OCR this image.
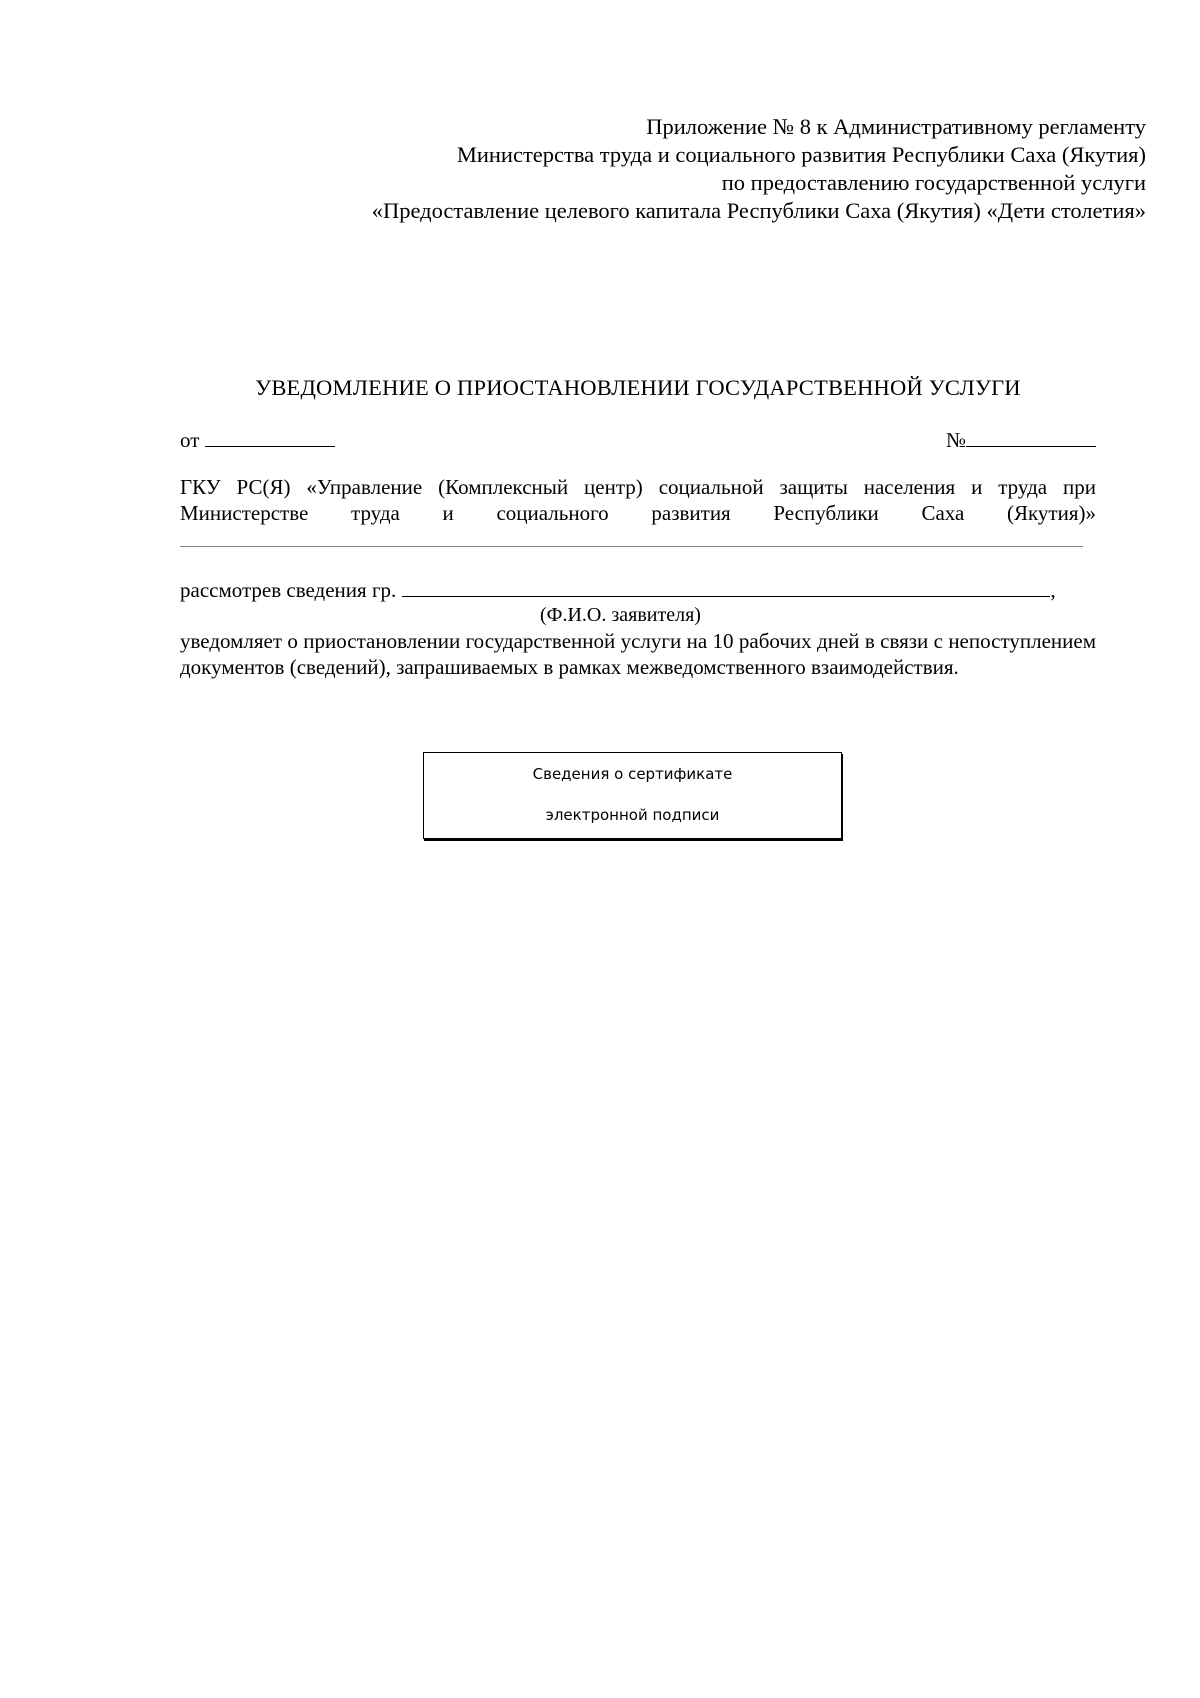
Приложение № 8 к Административному регламенту
Министерства труда и социального развития Республики Саха (Якутия)
по предоставлению государственной услуги
«Предоставление целевого капитала Республики Саха (Якутия) «Дети столетия»
УВЕДОМЛЕНИЕ О ПРИОСТАНОВЛЕНИИ ГОСУДАРСТВЕННОЙ УСЛУГИ
от	№
ГКУ РС(Я) «Управление (Комплексный центр) социальной защиты населения и труда при Министерстве труда и социального развития Республики Саха (Якутия)»
рассмотрев сведения гр.	,
(Ф.И.О. заявителя)
уведомляет о приостановлении государственной услуги на 10 рабочих дней в связи с непоступлением документов (сведений), запрашиваемых в рамках межведомственного взаимодействия.
Сведения о сертификате
электронной подписи
